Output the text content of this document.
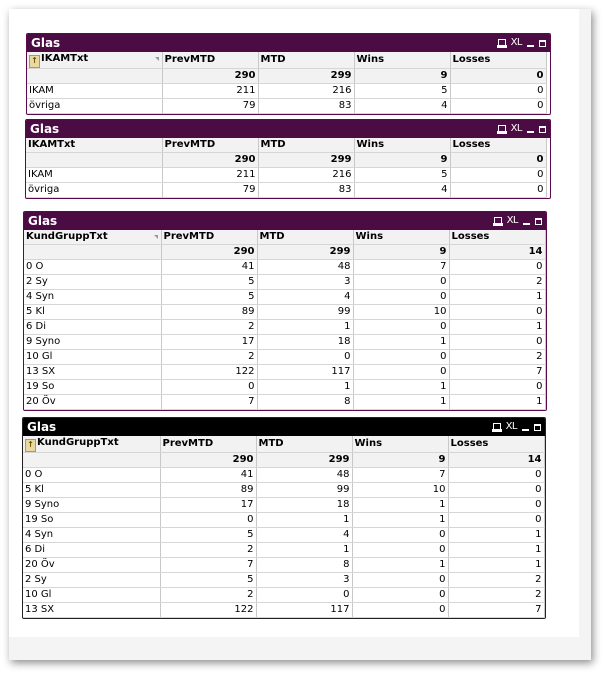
Glas	XL
↑ IKAMTxt	PrevMTD	MTD	Wins	Losses
	290	299	9	0
IKAM	211	216	5	0
övriga	79	83	4	0
Glas	XL
IKAMTxt	PrevMTD	MTD	Wins	Losses
	290	299	9	0
IKAM	211	216	5	0
övriga	79	83	4	0
Glas	XL
KundGruppTxt	PrevMTD	MTD	Wins	Losses
	290	299	9	14
0 O	41	48	7	0
2 Sy	5	3	0	2
4 Syn	5	4	0	1
5 Kl	89	99	10	0
6 Di	2	1	0	1
9 Syno	17	18	1	0
10 Gl	2	0	0	2
13 SX	122	117	0	7
19 So	0	1	1	0
20 Öv	7	8	1	1
Glas	XL
↑ KundGruppTxt	PrevMTD	MTD	Wins	Losses
	290	299	9	14
0 O	41	48	7	0
5 Kl	89	99	10	0
9 Syno	17	18	1	0
19 So	0	1	1	0
4 Syn	5	4	0	1
6 Di	2	1	0	1
20 Öv	7	8	1	1
2 Sy	5	3	0	2
10 Gl	2	0	0	2
13 SX	122	117	0	7
